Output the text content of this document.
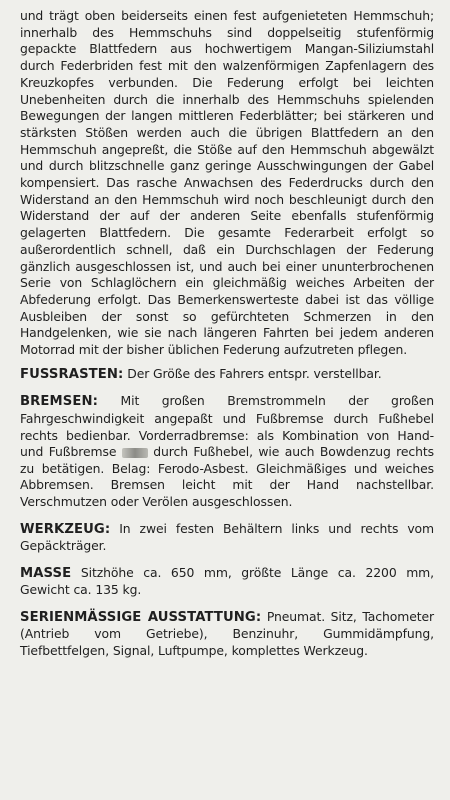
und trägt oben beiderseits einen fest aufgenieteten Hemmschuh; innerhalb des Hemmschuhs sind doppelseitig stufenförmig gepackte Blattfedern aus hochwertigem Mangan-Siliziumstahl durch Federbriden fest mit den walzenförmigen Zapfenlagern des Kreuzkopfes verbunden. Die Federung erfolgt bei leichten Unebenheiten durch die innerhalb des Hemmschuhs spielenden Bewegungen der langen mittleren Federblätter; bei stärkeren und stärksten Stößen werden auch die übrigen Blattfedern an den Hemmschuh angepreßt, die Stöße auf den Hemmschuh abgewälzt und durch blitzschnelle ganz geringe Ausschwingungen der Gabel kompensiert. Das rasche Anwachsen des Federdrucks durch den Widerstand an den Hemmschuh wird noch beschleunigt durch den Widerstand der auf der anderen Seite ebenfalls stufenförmig gelagerten Blattfedern. Die gesamte Federarbeit erfolgt so außerordentlich schnell, daß ein Durchschlagen der Federung gänzlich ausgeschlossen ist, und auch bei einer ununterbrochenen Serie von Schlaglöchern ein gleichmäßig weiches Arbeiten der Abfederung erfolgt. Das Bemerkenswerteste dabei ist das völlige Ausbleiben der sonst so gefürchteten Schmerzen in den Handgelenken, wie sie nach längeren Fahrten bei jedem anderen Motorrad mit der bisher üblichen Federung aufzutreten pflegen.

FUSSRASTEN: Der Größe des Fahrers entspr. verstellbar.

BREMSEN: Mit großen Bremstrommeln der großen Fahrgeschwindigkeit angepaßt und Fußbremse durch Fußhebel rechts bedienbar. Vorderradbremse: als Kombination von Hand- und Fußbremse	durch Fußhebel, wie auch Bowdenzug rechts zu betätigen. Belag: Ferodo-Asbest. Gleichmäßiges und weiches Abbremsen. Bremsen leicht mit der Hand nachstellbar. Verschmutzen oder Verölen ausgeschlossen.

WERKZEUG: In zwei festen Behältern links und rechts vom Gepäckträger.

MASSE Sitzhöhe ca. 650 mm, größte Länge ca. 2200 mm, Gewicht ca. 135 kg.

SERIENMÄSSIGE AUSSTATTUNG: Pneumat. Sitz, Tachometer (Antrieb vom Getriebe), Benzinuhr, Gummidämpfung, Tiefbettfelgen, Signal, Luftpumpe, komplettes Werkzeug.
